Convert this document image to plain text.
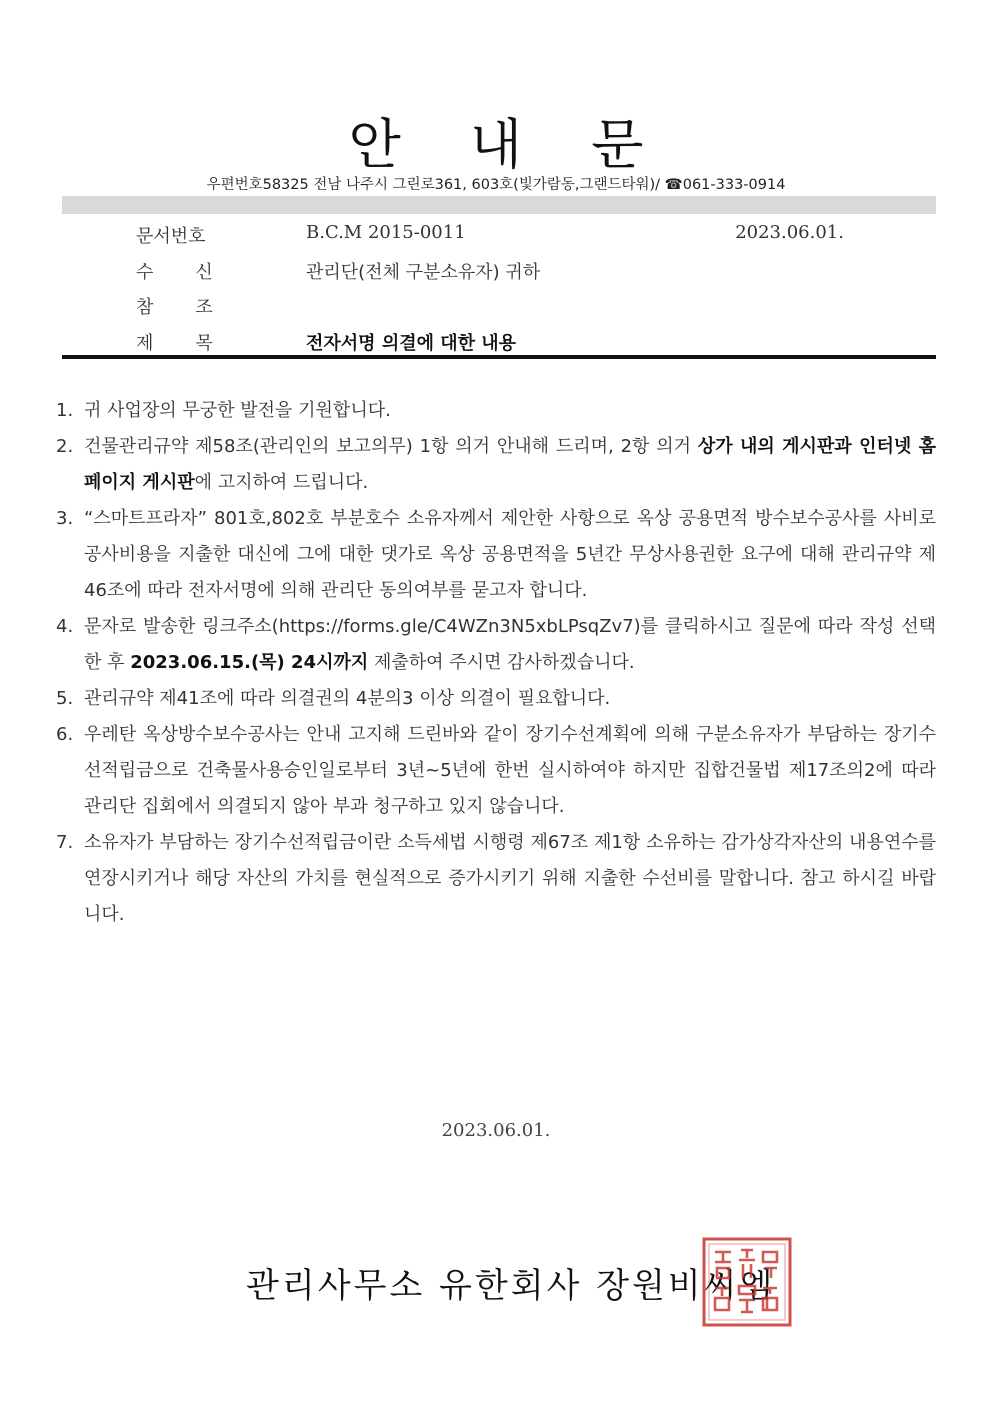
안 내 문
우편번호58325 전남 나주시 그린로361, 603호(빛가람동,그랜드타워)/ ☎061-333-0914
문서번호	B.C.M 2015-0011	2023.06.01.
수신	관리단(전체 구분소유자) 귀하
참조
제목	전자서명 의결에 대한 내용
1. 귀 사업장의 무궁한 발전을 기원합니다.
2. 건물관리규약 제58조(관리인의 보고의무) 1항 의거 안내해 드리며, 2항 의거 상가 내의 게시판과 인터넷 홈페이지 게시판에 고지하여 드립니다.
3. “스마트프라자” 801호,802호 부분호수 소유자께서 제안한 사항으로 옥상 공용면적 방수보수공사를 사비로 공사비용을 지출한 대신에 그에 대한 댓가로 옥상 공용면적을 5년간 무상사용권한 요구에 대해 관리규약 제46조에 따라 전자서명에 의해 관리단 동의여부를 묻고자 합니다.
4. 문자로 발송한 링크주소(https://forms.gle/C4WZn3N5xbLPsqZv7)를 클릭하시고 질문에 따라 작성 선택한 후 2023.06.15.(목) 24시까지 제출하여 주시면 감사하겠습니다.
5. 관리규약 제41조에 따라 의결권의 4분의3 이상 의결이 필요합니다.
6. 우레탄 옥상방수보수공사는 안내 고지해 드린바와 같이 장기수선계획에 의해 구분소유자가 부담하는 장기수선적립금으로 건축물사용승인일로부터 3년~5년에 한번 실시하여야 하지만 집합건물법 제17조의2에 따라 관리단 집회에서 의결되지 않아 부과 청구하고 있지 않습니다.
7. 소유자가 부담하는 장기수선적립금이란 소득세법 시행령 제67조 제1항 소유하는 감가상각자산의 내용연수를 연장시키거나 해당 자산의 가치를 현실적으로 증가시키기 위해 지출한 수선비를 말합니다. 참고 하시길 바랍니다.
2023.06.01.
관리사무소 유한회사 장원비씨엠
